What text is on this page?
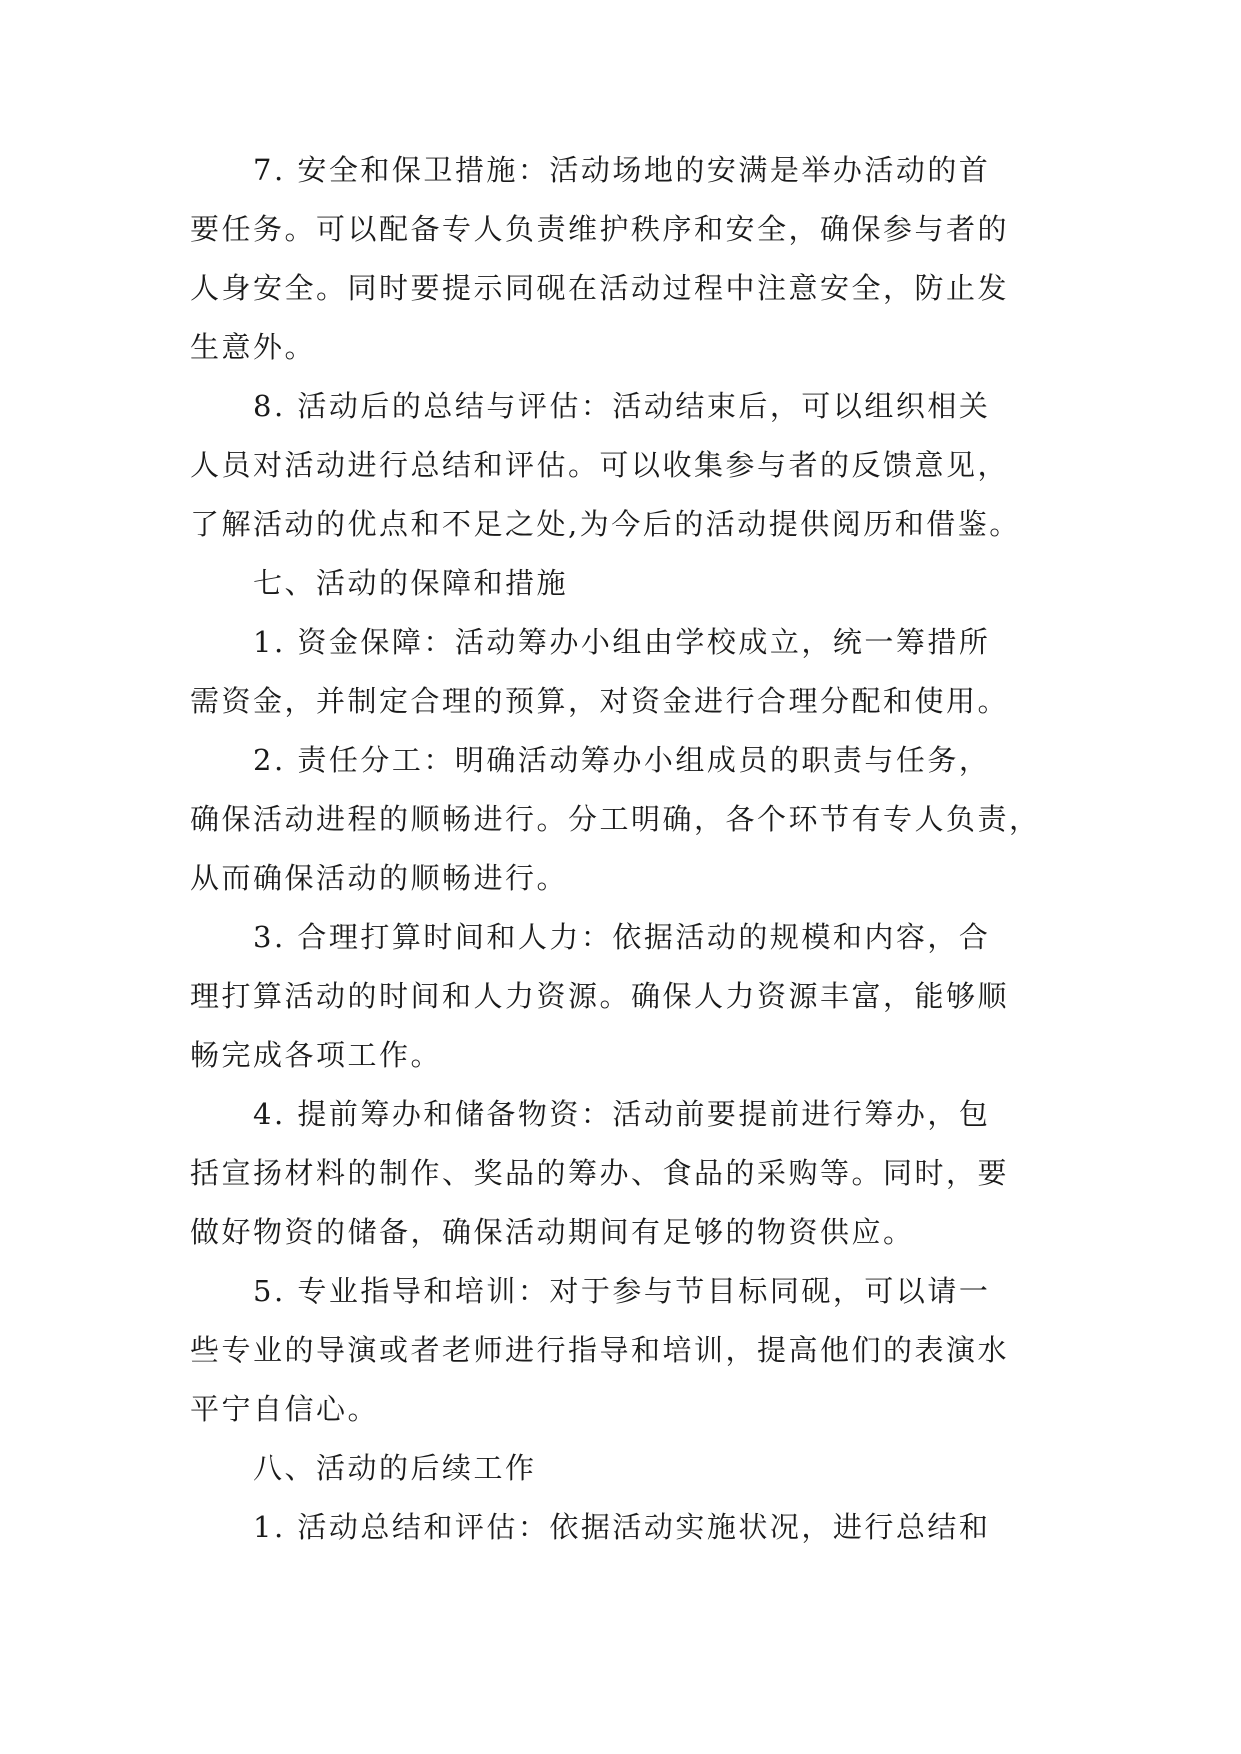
7. 安全和保卫措施：活动场地的安满是举办活动的首
要任务。可以配备专人负责维护秩序和安全，确保参与者的
人身安全。同时要提示同砚在活动过程中注意安全，防止发
生意外。
8. 活动后的总结与评估：活动结束后，可以组织相关
人员对活动进行总结和评估。可以收集参与者的反馈意见，
了解活动的优点和不足之处,为今后的活动提供阅历和借鉴。
七、活动的保障和措施
1. 资金保障：活动筹办小组由学校成立，统一筹措所
需资金，并制定合理的预算，对资金进行合理分配和使用。
2. 责任分工：明确活动筹办小组成员的职责与任务，
确保活动进程的顺畅进行。分工明确，各个环节有专人负责，
从而确保活动的顺畅进行。
3. 合理打算时间和人力：依据活动的规模和内容，合
理打算活动的时间和人力资源。确保人力资源丰富，能够顺
畅完成各项工作。
4. 提前筹办和储备物资：活动前要提前进行筹办，包
括宣扬材料的制作、奖品的筹办、食品的采购等。同时，要
做好物资的储备，确保活动期间有足够的物资供应。
5. 专业指导和培训：对于参与节目标同砚，可以请一
些专业的导演或者老师进行指导和培训，提高他们的表演水
平宁自信心。
八、活动的后续工作
1. 活动总结和评估：依据活动实施状况，进行总结和
